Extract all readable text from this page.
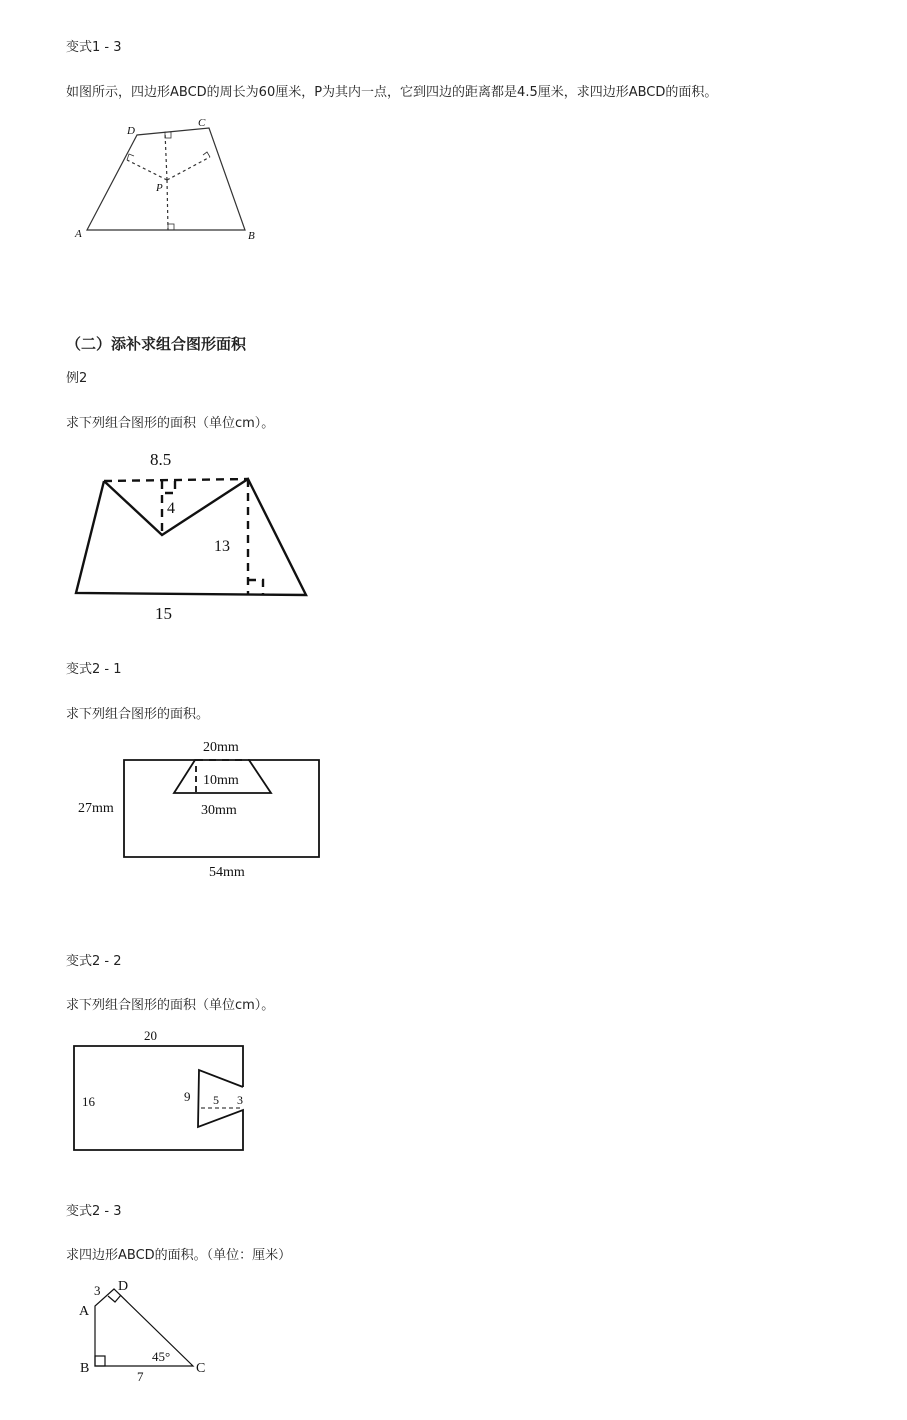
变式1 - 3
如图所示，四边形ABCD的周长为60厘米，P为其内一点，它到四边的距离都是4.5厘米，求四边形ABCD的面积。
A	B
C
D
P
8.5
4
13
15
20mm
10mm
30mm
27mm
54mm
20
16	9 5 3
A
B	C
D
3
7
45°
（二）添补求组合图形面积
例2
求下列组合图形的面积（单位cm）。
变式2 - 1
求下列组合图形的面积。
变式2 - 2
求下列组合图形的面积（单位cm）。
变式2 - 3
求四边形ABCD的面积。（单位：厘米）
